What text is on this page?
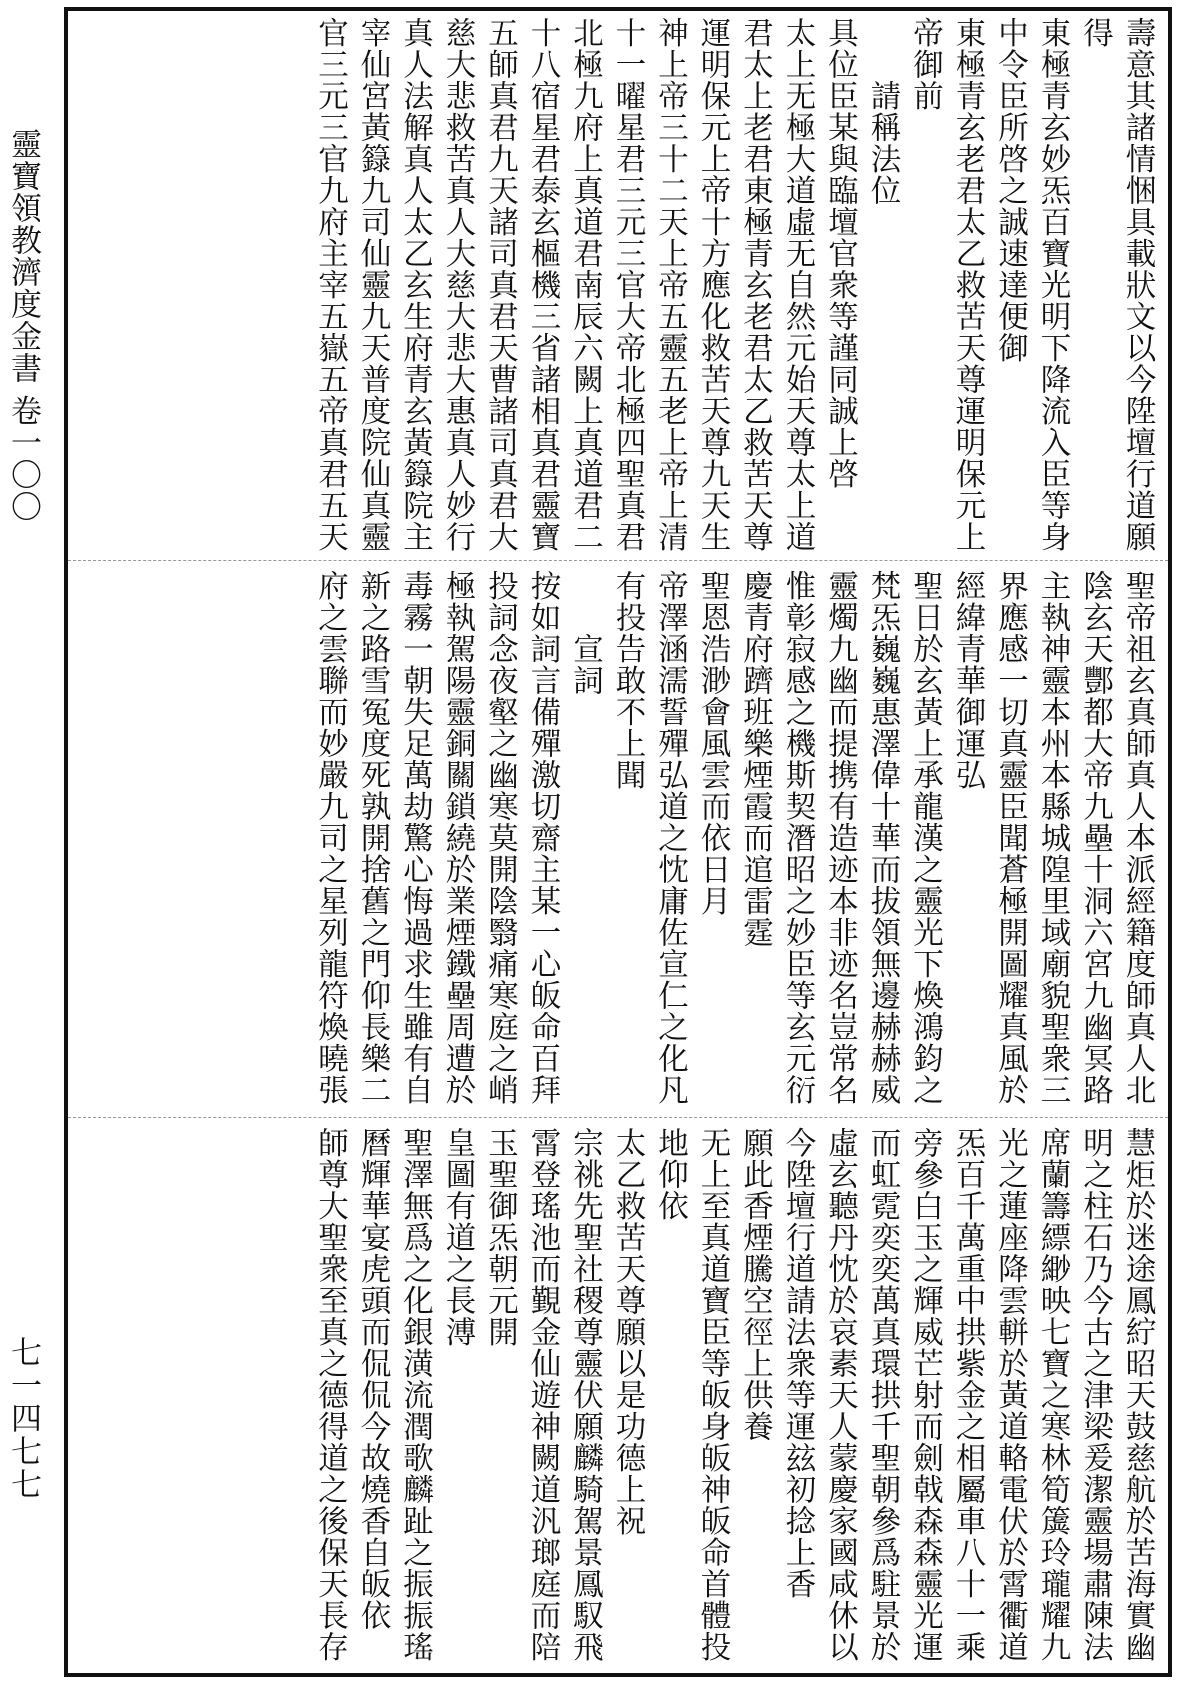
靈寶領教濟度金書 卷一〇〇
七一四七七
壽意其諸情悃具載狀文以今陞壇行道願
得
東極青玄妙炁百寶光明下降流入臣等身
中令臣所啓之誠速達便御
東極青玄老君太乙救苦天尊運明保元上
帝御前
　　請稱法位
具位臣某與臨壇官衆等謹同誠上啓
太上无極大道虛无自然元始天尊太上道
君太上老君東極青玄老君太乙救苦天尊
運明保元上帝十方應化救苦天尊九天生
神上帝三十二天上帝五靈五老上帝上清
十一曜星君三元三官大帝北極四聖真君
北極九府上真道君南辰六闕上真道君二
十八宿星君泰玄樞機三省諸相真君靈寶
五師真君九天諸司真君天曹諸司真君大
慈大悲救苦真人大慈大悲大惠真人妙行
真人法解真人太乙玄生府青玄黃籙院主
宰仙宮黃籙九司仙靈九天普度院仙真靈
官三元三官九府主宰五嶽五帝真君五天
聖帝祖玄真師真人本派經籍度師真人北
陰玄天酆都大帝九壘十洞六宮九幽冥路
主執神靈本州本縣城隍里域廟貌聖衆三
界應感一切真靈臣聞蒼極開圖耀真風於
經緯青華御運弘
聖日於玄黃上承龍漢之靈光下煥鴻鈞之
梵炁巍巍惠澤偉十華而拔領無邊赫赫威
靈燭九幽而提携有造迹本非迹名豈常名
惟彰寂感之機斯契潛昭之妙臣等玄元衍
慶青府躋班樂煙霞而逭雷霆
聖恩浩渺會風雲而依日月
帝澤涵濡誓殫弘道之忱庸佐宣仁之化凡
有投告敢不上聞
　　宣詞
按如詞言備殫激切齋主某一心皈命百拜
投詞念夜壑之幽寒莫開陰翳痛寒庭之峭
極執駕陽靈銅關鎖繞於業煙鐵壘周遭於
毒霧一朝失足萬劫驚心悔過求生雖有自
新之路雪冤度死孰開捨舊之門仰長樂二
府之雲聯而妙嚴九司之星列龍符煥曉張
慧炬於迷途鳳紵昭天鼓慈航於苦海實幽
明之柱石乃今古之津梁爰潔靈場肅陳法
席蘭籌縹緲映七寶之寒林筍簴玲瓏耀九
光之蓮座降雲軿於黃道輅電伏於霄衢道
炁百千萬重中拱紫金之相屬車八十一乘
旁參白玉之輝威芒射而劍戟森森靈光運
而虹霓奕奕萬真環拱千聖朝參爲駐景於
虛玄聽丹忱於哀素天人蒙慶家國咸休以
今陞壇行道請法衆等運玆初捻上香
願此香煙騰空徑上供養
无上至真道寶臣等皈身皈神皈命首體投
地仰依
太乙救苦天尊願以是功德上祝
宗祧先聖社稷尊靈伏願麟騎駕景鳳馭飛
霄登瑤池而覲金仙遊神闕道汎瑯庭而陪
玉聖御炁朝元開
皇圖有道之長溥
聖澤無爲之化銀潢流潤歌麟趾之振振瑤
曆輝華宴虎頭而侃侃今故燒香自皈依
師尊大聖衆至真之德得道之後保天長存
